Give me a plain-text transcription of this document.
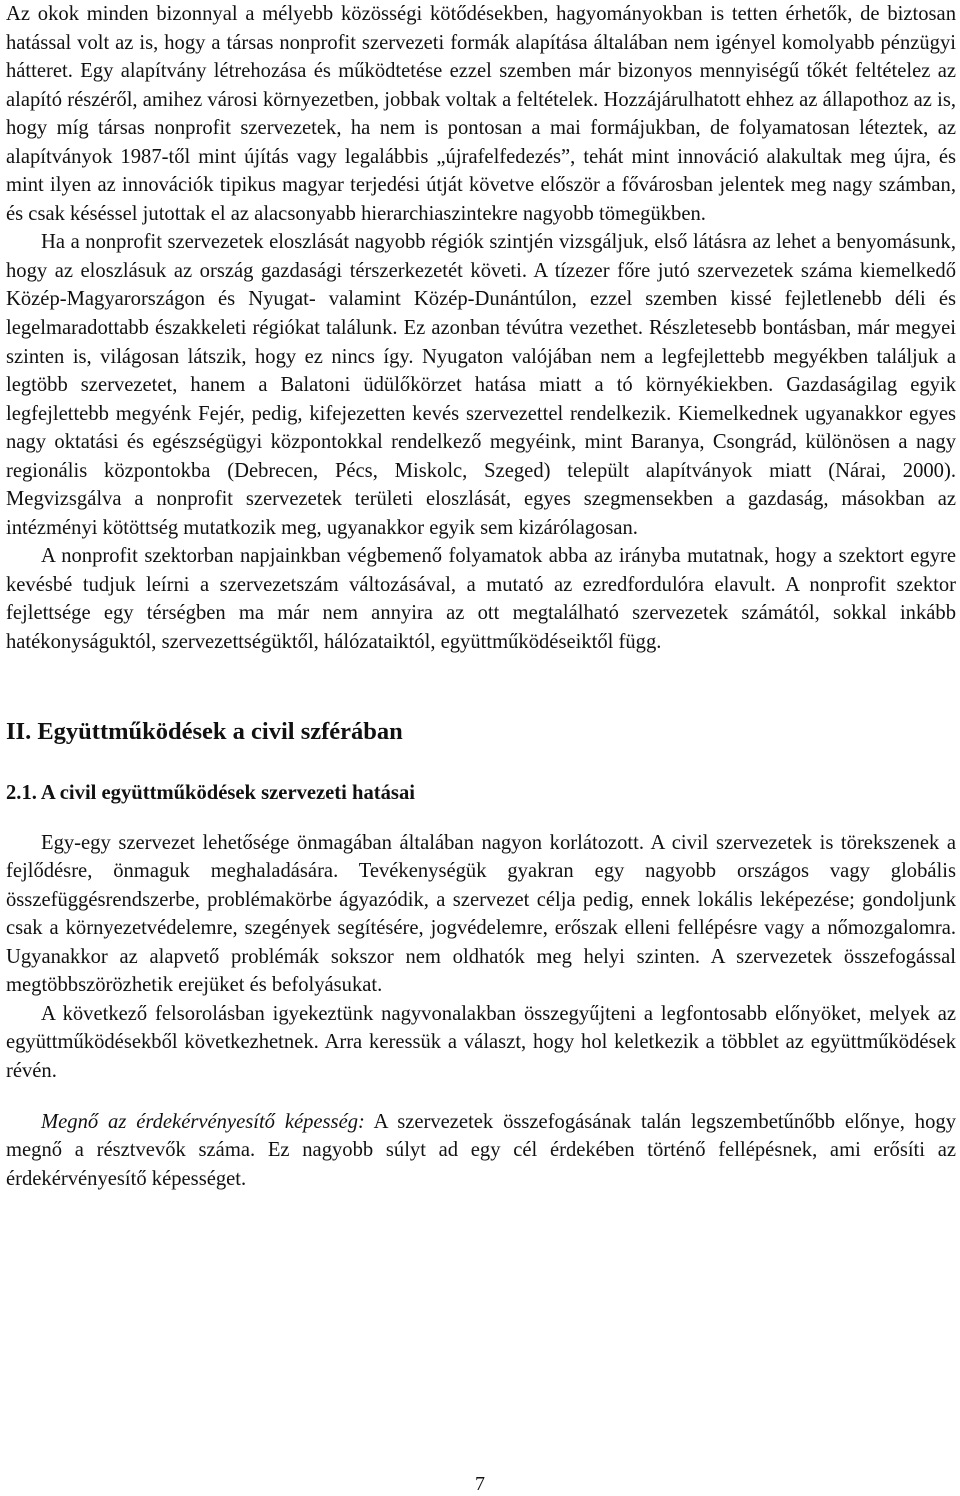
Az okok minden bizonnyal a mélyebb közösségi kötődésekben, hagyományokban is tetten érhetők, de biztosan hatással volt az is, hogy a társas nonprofit szervezeti formák alapítása általában nem igényel komolyabb pénzügyi hátteret. Egy alapítvány létrehozása és működtetése ezzel szemben már bizonyos mennyiségű tőkét feltételez az alapító részéről, amihez városi környezetben, jobbak voltak a feltételek. Hozzájárulhatott ehhez az állapothoz az is, hogy míg társas nonprofit szervezetek, ha nem is pontosan a mai formájukban, de folyamatosan léteztek, az alapítványok 1987-től mint újítás vagy legalábbis „újrafelfedezés”, tehát mint innováció alakultak meg újra, és mint ilyen az innovációk tipikus magyar terjedési útját követve először a fővárosban jelentek meg nagy számban, és csak késéssel jutottak el az alacsonyabb hierarchiaszintekre nagyobb tömegükben.

Ha a nonprofit szervezetek eloszlását nagyobb régiók szintjén vizsgáljuk, első látásra az lehet a benyomásunk, hogy az eloszlásuk az ország gazdasági térszerkezetét követi. A tízezer főre jutó szervezetek száma kiemelkedő Közép-Magyarországon és Nyugat- valamint Közép-Dunántúlon, ezzel szemben kissé fejletlenebb déli és legelmaradottabb északkeleti régiókat találunk. Ez azonban tévútra vezethet. Részletesebb bontásban, már megyei szinten is, világosan látszik, hogy ez nincs így. Nyugaton valójában nem a legfejlettebb megyékben találjuk a legtöbb szervezetet, hanem a Balatoni üdülőkörzet hatása miatt a tó környékiekben. Gazdaságilag egyik legfejlettebb megyénk Fejér, pedig, kifejezetten kevés szervezettel rendelkezik. Kiemelkednek ugyanakkor egyes nagy oktatási és egészségügyi központokkal rendelkező megyéink, mint Baranya, Csongrád, különösen a nagy regionális központokba (Debrecen, Pécs, Miskolc, Szeged) települt alapítványok miatt (Nárai, 2000). Megvizsgálva a nonprofit szervezetek területi eloszlását, egyes szegmensekben a gazdaság, másokban az intézményi kötöttség mutatkozik meg, ugyanakkor egyik sem kizárólagosan.

A nonprofit szektorban napjainkban végbemenő folyamatok abba az irányba mutatnak, hogy a szektort egyre kevésbé tudjuk leírni a szervezetszám változásával, a mutató az ezredfordulóra elavult. A nonprofit szektor fejlettsége egy térségben ma már nem annyira az ott megtalálható szervezetek számától, sokkal inkább hatékonyságuktól, szervezettségüktől, hálózataiktól, együttműködéseiktől függ.

II. Együttműködések a civil szférában
2.1. A civil együttműködések szervezeti hatásai

Egy-egy szervezet lehetősége önmagában általában nagyon korlátozott. A civil szervezetek is törekszenek a fejlődésre, önmaguk meghaladására. Tevékenységük gyakran egy nagyobb országos vagy globális összefüggésrendszerbe, problémakörbe ágyazódik, a szervezet célja pedig, ennek lokális leképezése; gondoljunk csak a környezetvédelemre, szegények segítésére, jogvédelemre, erőszak elleni fellépésre vagy a nőmozgalomra. Ugyanakkor az alapvető problémák sokszor nem oldhatók meg helyi szinten. A szervezetek összefogással megtöbbszörözhetik erejüket és befolyásukat.

A következő felsorolásban igyekeztünk nagyvonalakban összegyűjteni a legfontosabb előnyöket, melyek az együttműködésekből következhetnek. Arra keressük a választ, hogy hol keletkezik a többlet az együttműködések révén.

Megnő az érdekérvényesítő képesség: A szervezetek összefogásának talán legszembetűnőbb előnye, hogy megnő a résztvevők száma. Ez nagyobb súlyt ad egy cél érdekében történő fellépésnek, ami erősíti az érdekérvényesítő képességet.

7
